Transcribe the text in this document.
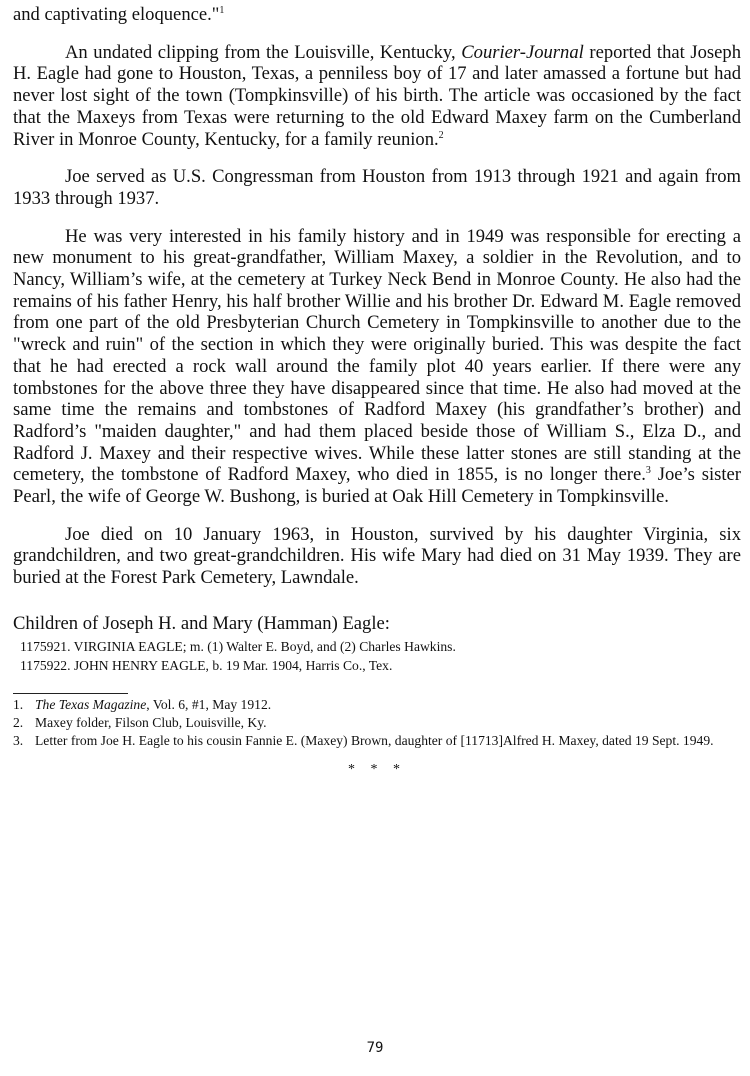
and captivating eloquence."$^1$

An undated clipping from the Louisville, Kentucky, Courier-Journal reported that Joseph H. Eagle had gone to Houston, Texas, a penniless boy of 17 and later amassed a fortune but had never lost sight of the town (Tompkinsville) of his birth. The article was occasioned by the fact that the Maxeys from Texas were returning to the old Edward Maxey farm on the Cumberland River in Monroe County, Kentucky, for a family reunion.$^2$

Joe served as U.S. Congressman from Houston from 1913 through 1921 and again from 1933 through 1937.

He was very interested in his family history and in 1949 was responsible for erecting a new monument to his great-grandfather, William Maxey, a soldier in the Revolution, and to Nancy, William’s wife, at the cemetery at Turkey Neck Bend in Monroe County. He also had the remains of his father Henry, his half brother Willie and his brother Dr. Edward M. Eagle removed from one part of the old Presbyterian Church Cemetery in Tompkinsville to another due to the "wreck and ruin" of the section in which they were originally buried. This was despite the fact that he had erected a rock wall around the family plot 40 years earlier. If there were any tombstones for the above three they have disappeared since that time. He also had moved at the same time the remains and tombstones of Radford Maxey (his grandfather’s brother) and Radford’s "maiden daughter," and had them placed beside those of William S., Elza D., and Radford J. Maxey and their respective wives. While these latter stones are still standing at the cemetery, the tombstone of Radford Maxey, who died in 1855, is no longer there.$^3$ Joe’s sister Pearl, the wife of George W. Bushong, is buried at Oak Hill Cemetery in Tompkinsville.

Joe died on 10 January 1963, in Houston, survived by his daughter Virginia, six grandchildren, and two great-grandchildren. His wife Mary had died on 31 May 1939. They are buried at the Forest Park Cemetery, Lawndale.

Children of Joseph H. and Mary (Hamman) Eagle:

1175921. VIRGINIA EAGLE; m. (1) Walter E. Boyd, and (2) Charles Hawkins.
1175922. JOHN HENRY EAGLE, b. 19 Mar. 1904, Harris Co., Tex.
1. The Texas Magazine, Vol. 6, #1, May 1912.
2. Maxey folder, Filson Club, Louisville, Ky.
3. Letter from Joe H. Eagle to his cousin Fannie E. (Maxey) Brown, daughter of [11713]Alfred H. Maxey, dated 19 Sept. 1949.
* * *
79
